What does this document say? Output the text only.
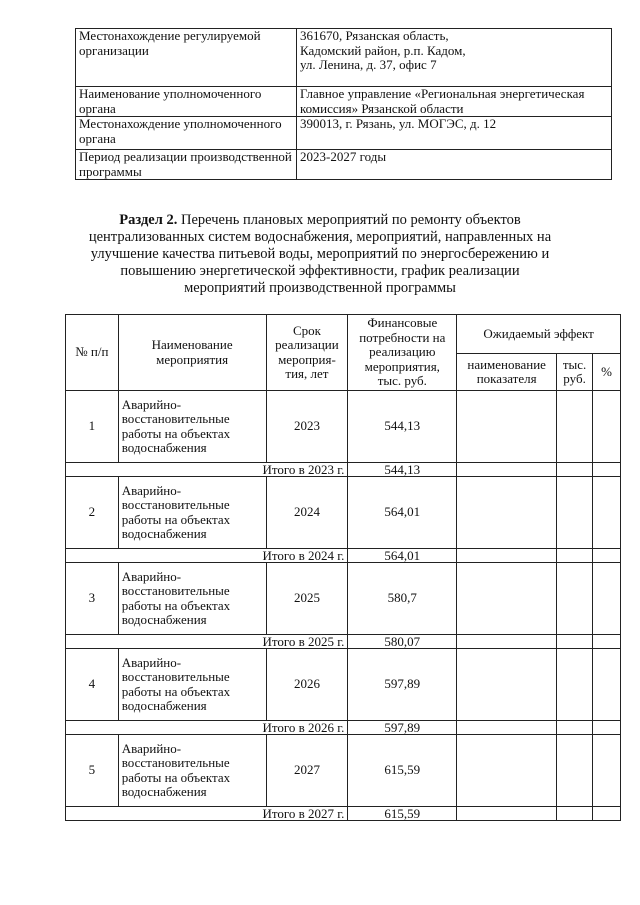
Местонахождение регулируемой организации	361670, Рязанская область,
Кадомский район, р.п. Кадом,
ул. Ленина, д. 37, офис 7

Наименование уполномоченного органа	Главное управление «Региональная энергетическая
комиссия» Рязанской области

Местонахождение уполномоченного органа	390013, г. Рязань, ул. МОГЭС, д. 12

Период реализации производственной программы	2023-2027 годы
Раздел 2. Перечень плановых мероприятий по ремонту объектов централизованных систем водоснабжения, мероприятий, направленных на улучшение качества питьевой воды, мероприятий по энергосбережению и повышению энергетической эффективности, график реализации мероприятий производственной программы
№ п/п	Наименование мероприятия	Срок реализации мероприя-тия, лет	Финансовые потребности на реализацию мероприятия, тыс. руб.	Ожидаемый эффект		
				наименование показателя	тыс. руб.	%
1	Аварийно-восстановительные работы на объектах водоснабжения	2023	544,13			
Итого в 2023 г.			544,13			
2	Аварийно-восстановительные работы на объектах водоснабжения	2024	564,01			
Итого в 2024 г.			564,01			
3	Аварийно-восстановительные работы на объектах водоснабжения	2025	580,7			
Итого в 2025 г.			580,07			
4	Аварийно-восстановительные работы на объектах водоснабжения	2026	597,89			
Итого в 2026 г.			597,89			
5	Аварийно-восстановительные работы на объектах водоснабжения	2027	615,59			
Итого в 2027 г.			615,59			
